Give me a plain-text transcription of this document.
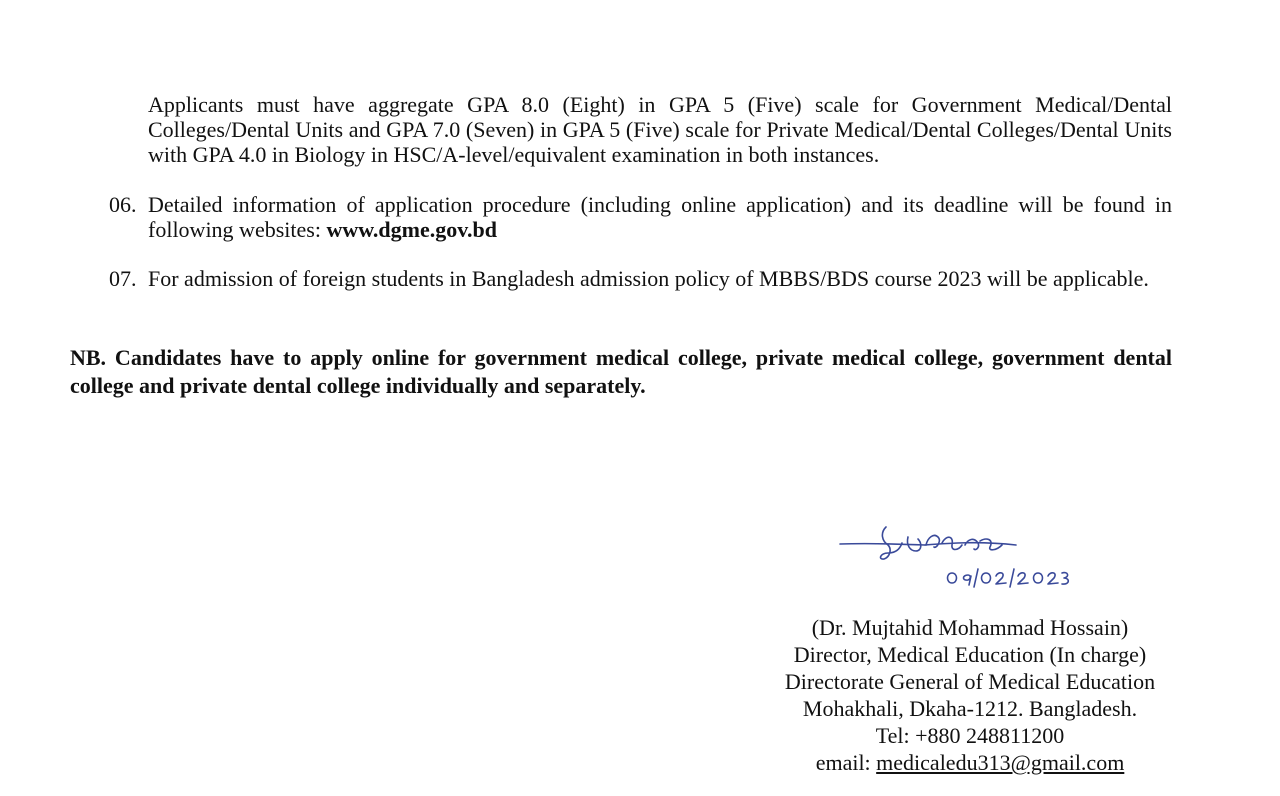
Applicants must have aggregate GPA 8.0 (Eight) in GPA 5 (Five) scale for Government Medical/Dental Colleges/Dental Units and GPA 7.0 (Seven) in GPA 5 (Five) scale for Private Medical/Dental Colleges/Dental Units with GPA 4.0 in Biology in HSC/A-level/equivalent examination in both instances.
06. Detailed information of application procedure (including online application) and its deadline will be found in following websites: www.dgme.gov.bd
07. For admission of foreign students in Bangladesh admission policy of MBBS/BDS course 2023 will be applicable.
NB. Candidates have to apply online for government medical college, private medical college, government dental college and private dental college individually and separately.
(Dr. Mujtahid Mohammad Hossain)
Director, Medical Education (In charge)
Directorate General of Medical Education
Mohakhali, Dkaha-1212. Bangladesh.
Tel: +880 248811200
email: medicaledu313@gmail.com
